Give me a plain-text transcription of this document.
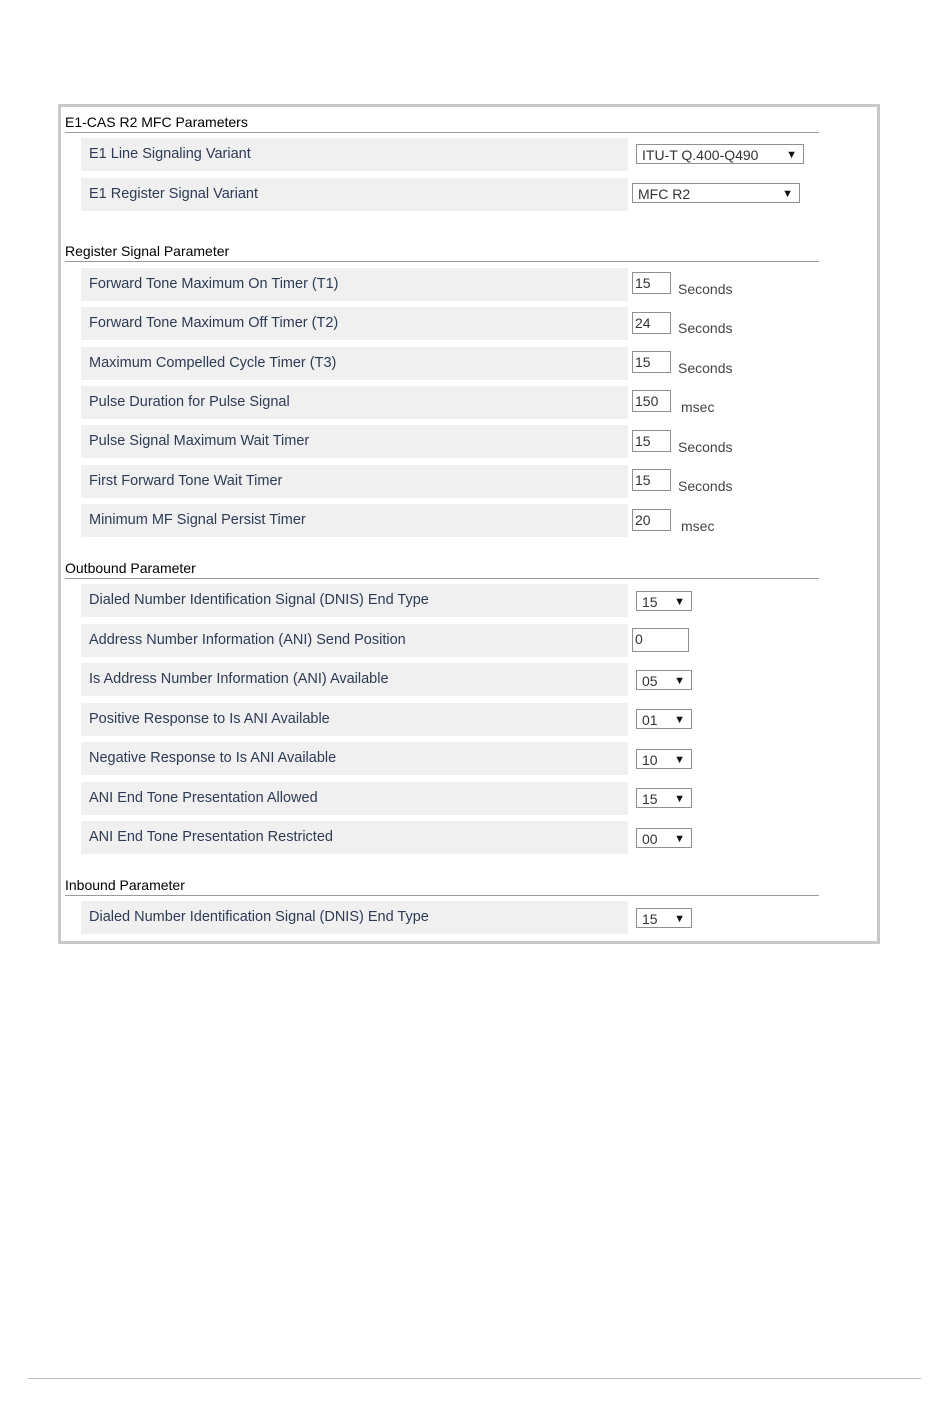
E1-CAS R2 MFC Parameters
E1 Line Signaling Variant	ITU-T Q.400-Q490	▼
E1 Register Signal Variant	MFC R2	▼
Register Signal Parameter
Forward Tone Maximum On Timer (T1)	15	Seconds
Forward Tone Maximum Off Timer (T2)	24	Seconds
Maximum Compelled Cycle Timer (T3)	15	Seconds
Pulse Duration for Pulse Signal	150	msec
Pulse Signal Maximum Wait Timer	15	Seconds
First Forward Tone Wait Timer	15	Seconds
Minimum MF Signal Persist Timer	20	msec
Outbound Parameter
Dialed Number Identification Signal (DNIS) End Type	15 ▼
Address Number Information (ANI) Send Position	0
Is Address Number Information (ANI) Available	05 ▼
Positive Response to Is ANI Available	01 ▼
Negative Response to Is ANI Available	10 ▼
ANI End Tone Presentation Allowed	15 ▼
ANI End Tone Presentation Restricted	00 ▼
Inbound Parameter
Dialed Number Identification Signal (DNIS) End Type	15 ▼
